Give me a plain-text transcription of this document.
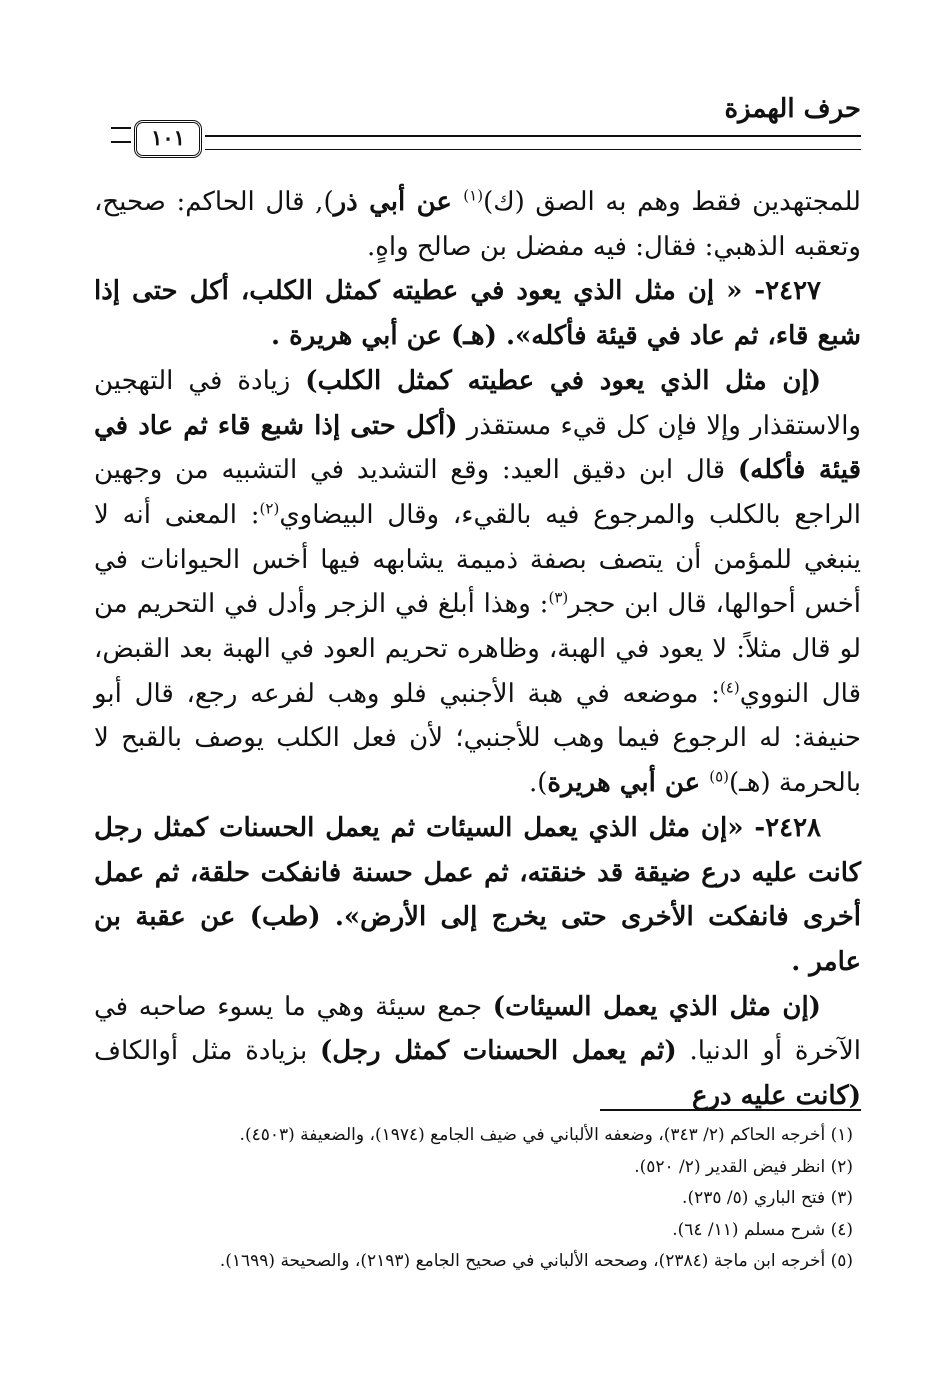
حرف الهمزة
١٠١

للمجتهدين فقط وهم به الصق (ك)$^{(١)}$ عن أبي ذر), قال الحاكم: صحيح، وتعقبه الذهبي: فقال: فيه مفضل بن صالح واهٍ.

٢٤٢٧- « إن مثل الذي يعود في عطيته كمثل الكلب، أكل حتى إذا شبع قاء، ثم عاد في قيئة فأكله». (هـ) عن أبي هريرة .

(إن مثل الذي يعود في عطيته كمثل الكلب) زيادة في التهجين والاستقذار وإلا فإن كل قيء مستقذر (أكل حتى إذا شبع قاء ثم عاد في قيئة فأكله) قال ابن دقيق العيد: وقع التشديد في التشبيه من وجهين الراجع بالكلب والمرجوع فيه بالقيء، وقال البيضاوي$^{(٢)}$: المعنى أنه لا ينبغي للمؤمن أن يتصف بصفة ذميمة يشابهه فيها أخس الحيوانات في أخس أحوالها، قال ابن حجر$^{(٣)}$: وهذا أبلغ في الزجر وأدل في التحريم من لو قال مثلاً: لا يعود في الهبة، وظاهره تحريم العود في الهبة بعد القبض، قال النووي$^{(٤)}$: موضعه في هبة الأجنبي فلو وهب لفرعه رجع، قال أبو حنيفة: له الرجوع فيما وهب للأجنبي؛ لأن فعل الكلب يوصف بالقبح لا بالحرمة (هـ)$^{(٥)}$ عن أبي هريرة).

٢٤٢٨- «إن مثل الذي يعمل السيئات ثم يعمل الحسنات كمثل رجل كانت عليه درع ضيقة قد خنقته، ثم عمل حسنة فانفكت حلقة، ثم عمل أخرى فانفكت الأخرى حتى يخرج إلى الأرض». (طب) عن عقبة بن عامر .

(إن مثل الذي يعمل السيئات) جمع سيئة وهي ما يسوء صاحبه في الآخرة أو الدنيا. (ثم يعمل الحسنات كمثل رجل) بزيادة مثل أوالكاف (كانت عليه درع

(١) أخرجه الحاكم (٢/ ٣٤٣)، وضعفه الألباني في ضيف الجامع (١٩٧٤)، والضعيفة (٤٥٠٣).
(٢) انظر فيض القدير (٢/ ٥٢٠).
(٣) فتح الباري (٥/ ٢٣٥).
(٤) شرح مسلم (١١/ ٦٤).
(٥) أخرجه ابن ماجة (٢٣٨٤)، وصححه الألباني في صحيح الجامع (٢١٩٣)، والصحيحة (١٦٩٩).
